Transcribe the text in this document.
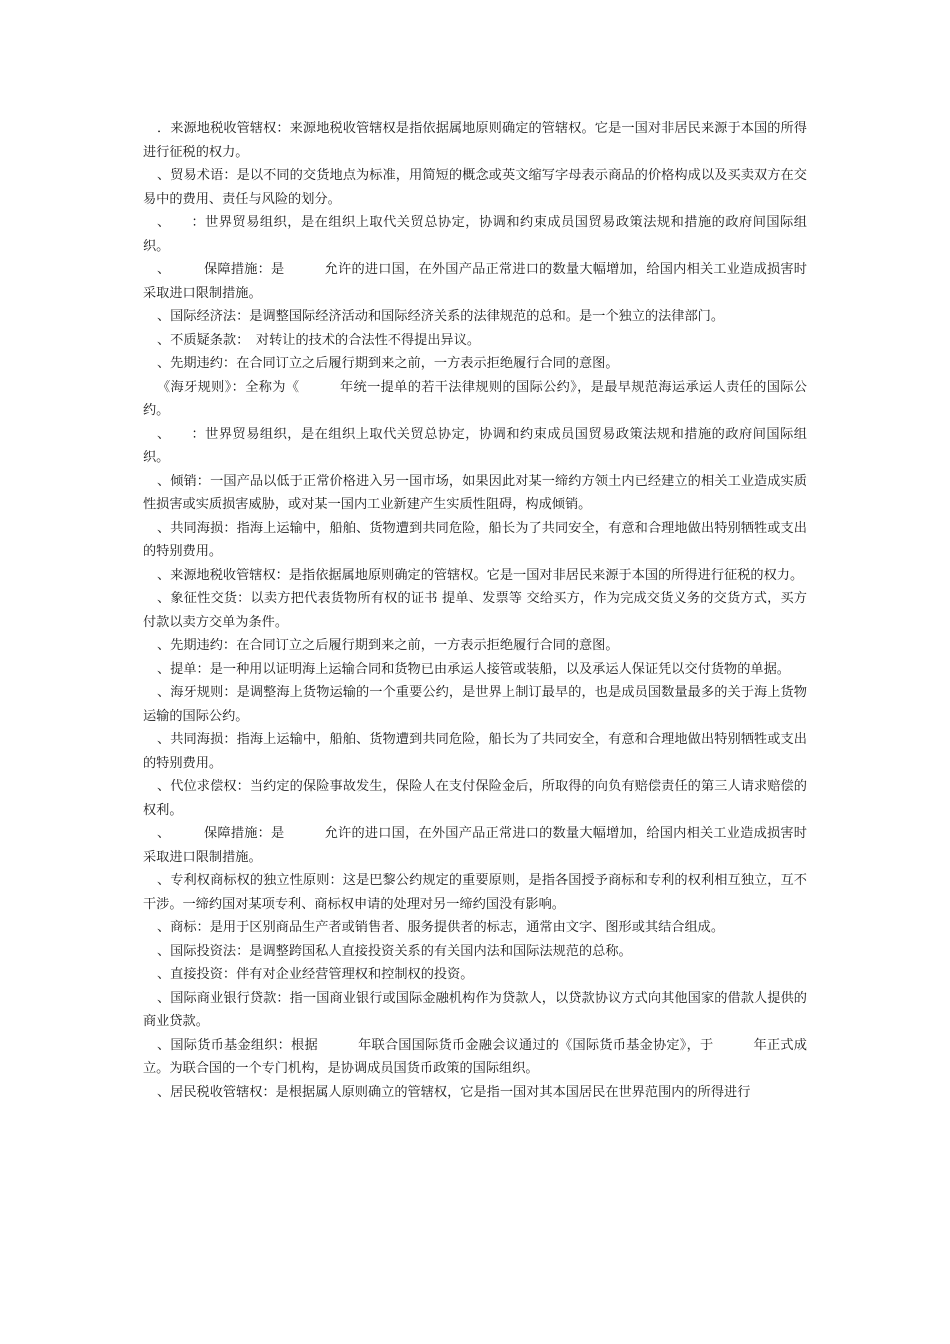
．来源地税收管辖权：来源地税收管辖权是指依据属地原则确定的管辖权。它是一国对非居民来源于本国的所得进行征税的权力。

、贸易术语：是以不同的交货地点为标准，用简短的概念或英文缩写字母表示商品的价格构成以及买卖双方在交易中的费用、责任与风险的划分。

、　　：世界贸易组织，是在组织上取代关贸总协定，协调和约束成员国贸易政策法规和措施的政府间国际组织。

、　　　保障措施：是　　　允许的进口国，在外国产品正常进口的数量大幅增加，给国内相关工业造成损害时采取进口限制措施。

、国际经济法：是调整国际经济活动和国际经济关系的法律规范的总和。是一个独立的法律部门。

、不质疑条款：　对转让的技术的合法性不得提出异议。

、先期违约：在合同订立之后履行期到来之前，一方表示拒绝履行合同的意图。

《海牙规则》：全称为《　　　年统一提单的若干法律规则的国际公约》，是最早规范海运承运人责任的国际公约。

、　　：世界贸易组织，是在组织上取代关贸总协定，协调和约束成员国贸易政策法规和措施的政府间国际组织。

、倾销：一国产品以低于正常价格进入另一国市场，如果因此对某一缔约方领土内已经建立的相关工业造成实质性损害或实质损害威胁，或对某一国内工业新建产生实质性阻碍，构成倾销。

、共同海损：指海上运输中，船舶、货物遭到共同危险，船长为了共同安全，有意和合理地做出特别牺牲或支出的特别费用。

、来源地税收管辖权：是指依据属地原则确定的管辖权。它是一国对非居民来源于本国的所得进行征税的权力。

、象征性交货：以卖方把代表货物所有权的证书 提单、发票等 交给买方，作为完成交货义务的交货方式，买方付款以卖方交单为条件。

、先期违约：在合同订立之后履行期到来之前，一方表示拒绝履行合同的意图。

、提单：是一种用以证明海上运输合同和货物已由承运人接管或装船，以及承运人保证凭以交付货物的单据。

、海牙规则：是调整海上货物运输的一个重要公约，是世界上制订最早的，也是成员国数量最多的关于海上货物运输的国际公约。

、共同海损：指海上运输中，船舶、货物遭到共同危险，船长为了共同安全，有意和合理地做出特别牺牲或支出的特别费用。

、代位求偿权：当约定的保险事故发生，保险人在支付保险金后，所取得的向负有赔偿责任的第三人请求赔偿的权利。

、　　　保障措施：是　　　允许的进口国，在外国产品正常进口的数量大幅增加，给国内相关工业造成损害时采取进口限制措施。

、专利权商标权的独立性原则：这是巴黎公约规定的重要原则，是指各国授予商标和专利的权利相互独立，互不干涉。一缔约国对某项专利、商标权申请的处理对另一缔约国没有影响。

、商标：是用于区别商品生产者或销售者、服务提供者的标志，通常由文字、图形或其结合组成。

、国际投资法：是调整跨国私人直接投资关系的有关国内法和国际法规范的总称。

、直接投资：伴有对企业经营管理权和控制权的投资。

、国际商业银行贷款：指一国商业银行或国际金融机构作为贷款人，以贷款协议方式向其他国家的借款人提供的商业贷款。

、国际货币基金组织：根据　　　年联合国国际货币金融会议通过的《国际货币基金协定》，于　　　年正式成立。为联合国的一个专门机构，是协调成员国货币政策的国际组织。

、居民税收管辖权：是根据属人原则确立的管辖权，它是指一国对其本国居民在世界范围内的所得进行
